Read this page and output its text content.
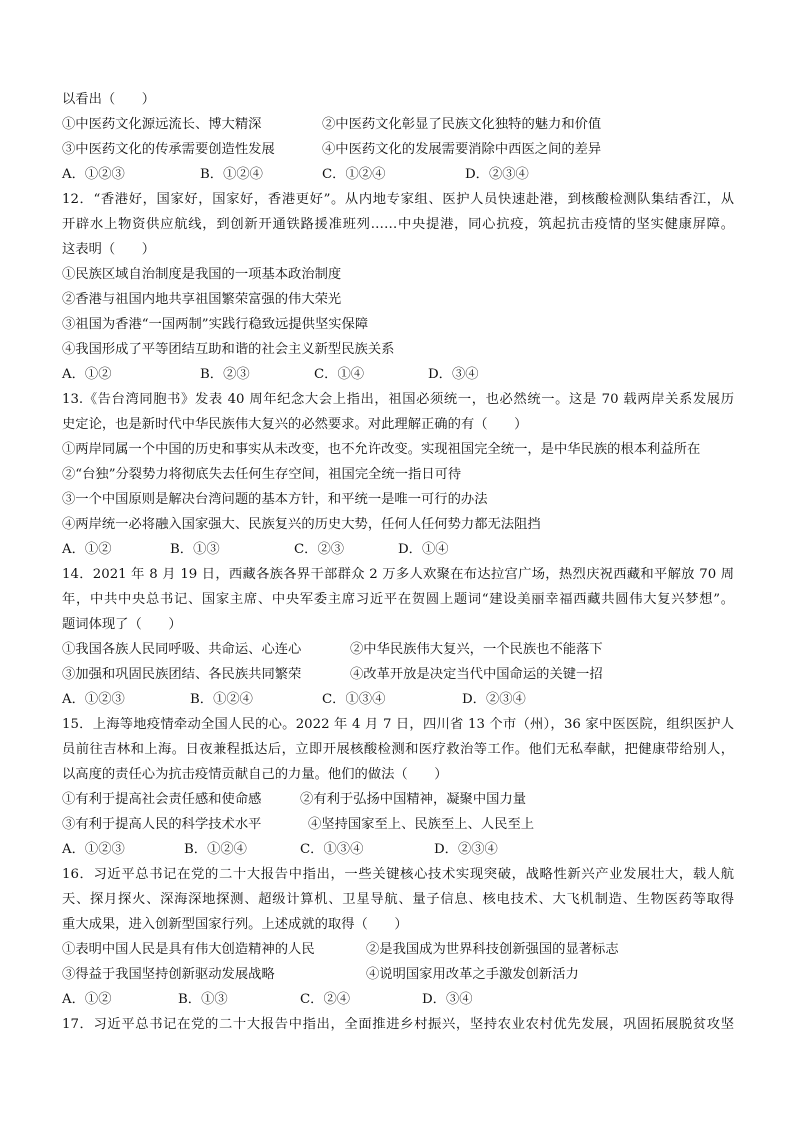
以看出（　　）
①中医药文化源远流长、博大精深	②中医药文化彰显了民族文化独特的魅力和价值
③中医药文化的传承需要创造性发展	④中医药文化的发展需要消除中西医之间的差异
A．①②③	B．①②④	C．①②④	D．②③④
12．“香港好，国家好，国家好，香港更好”。从内地专家组、医护人员快速赴港，到核酸检测队集结香江，从
开辟水上物资供应航线，到创新开通铁路援准班列……中央提港，同心抗疫，筑起抗击疫情的坚实健康屏障。
这表明（　　）
①民族区域自治制度是我国的一项基本政治制度
②香港与祖国内地共享祖国繁荣富强的伟大荣光
③祖国为香港“一国两制”实践行稳致远提供坚实保障
④我国形成了平等团结互助和谐的社会主义新型民族关系
A．①②	B．②③	C．①④	D．③④
13.《告台湾同胞书》发表 40 周年纪念大会上指出，祖国必须统一，也必然统一。这是 70 载两岸关系发展历
史定论，也是新时代中华民族伟大复兴的必然要求。对此理解正确的有（　　）
①两岸同属一个中国的历史和事实从未改变，也不允许改变。实现祖国完全统一，是中华民族的根本利益所在
②“台独”分裂势力将彻底失去任何生存空间，祖国完全统一指日可待
③一个中国原则是解决台湾问题的基本方针，和平统一是唯一可行的办法
④两岸统一必将融入国家强大、民族复兴的历史大势，任何人任何势力都无法阻挡
A．①②	B．①③	C．②③	D．①④
14．2021 年 8 月 19 日，西藏各族各界干部群众 2 万多人欢聚在布达拉宫广场，热烈庆祝西藏和平解放 70 周
年，中共中央总书记、国家主席、中央军委主席习近平在贺圆上题词“建设美丽幸福西藏共圆伟大复兴梦想”。
题词体现了（　　）
①我国各族人民同呼吸、共命运、心连心	②中华民族伟大复兴，一个民族也不能落下
③加强和巩固民族团结、各民族共同繁荣	④改革开放是决定当代中国命运的关键一招
A．①②③	B．①②④	C．①③④	D．②③④
15．上海等地疫情牵动全国人民的心。2022 年 4 月 7 日，四川省 13 个市（州），36 家中医医院，组织医护人
员前往吉林和上海。日夜兼程抵达后，立即开展核酸检测和医疗救治等工作。他们无私奉献，把健康带给别人，
以高度的责任心为抗击疫情贡献自己的力量。他们的做法（　　）
①有利于提高社会责任感和使命感	②有利于弘扬中国精神，凝聚中国力量
③有利于提高人民的科学技术水平	④坚持国家至上、民族至上、人民至上
A．①②③	B．①②④	C．①③④	D．②③④
16．习近平总书记在党的二十大报告中指出，一些关键核心技术实现突破，战略性新兴产业发展壮大，载人航
天、探月探火、深海深地探测、超级计算机、卫星导航、量子信息、核电技术、大飞机制造、生物医药等取得
重大成果，进入创新型国家行列。上述成就的取得（　　）
①表明中国人民是具有伟大创造精神的人民	②是我国成为世界科技创新强国的显著标志
③得益于我国坚持创新驱动发展战略	④说明国家用改革之手激发创新活力
A．①②	B．①③	C．②④	D．③④
17．习近平总书记在党的二十大报告中指出，全面推进乡村振兴，坚持农业农村优先发展，巩固拓展脱贫攻坚
